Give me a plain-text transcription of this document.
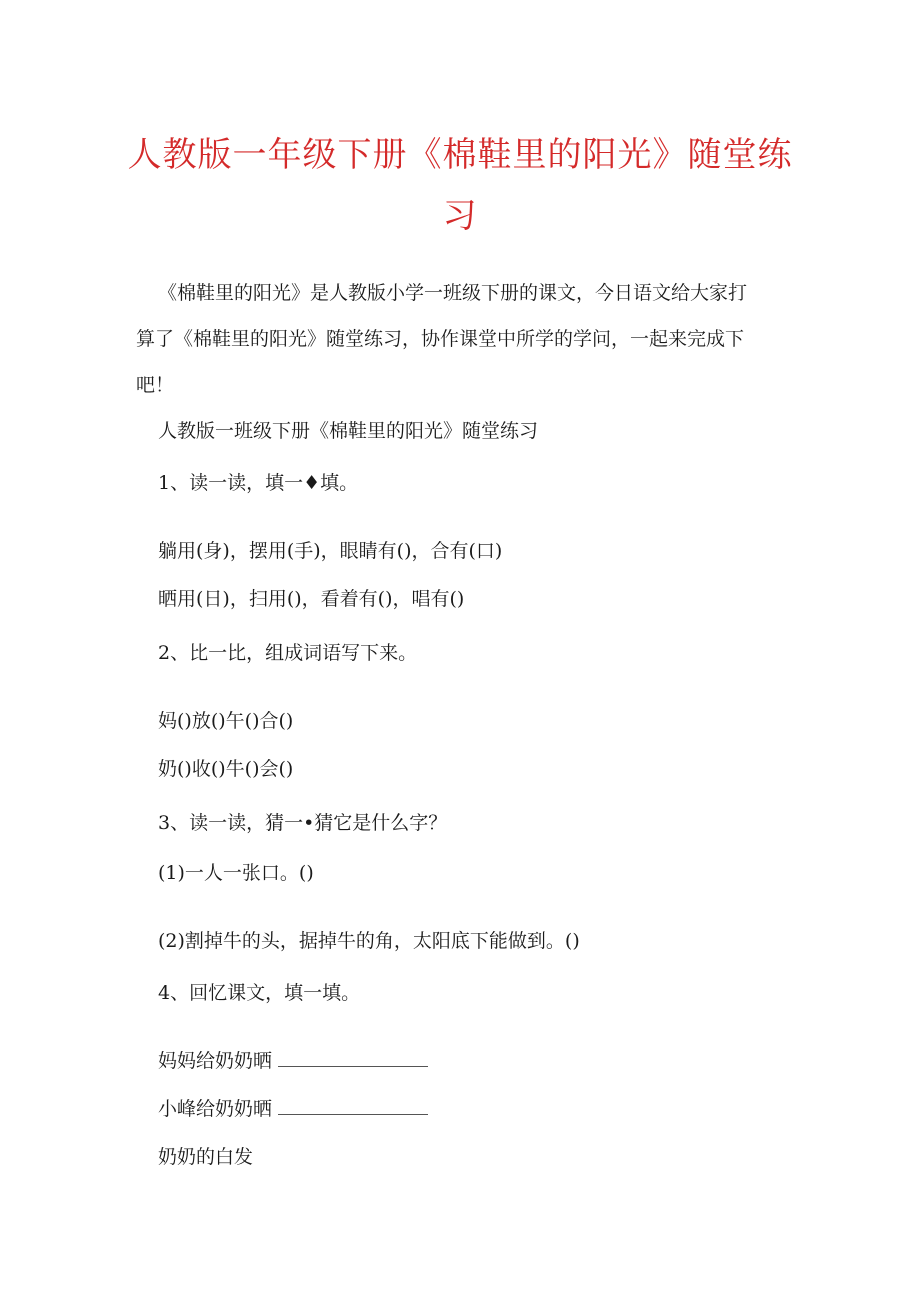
人教版一年级下册《棉鞋里的阳光》随堂练
习

《棉鞋里的阳光》是人教版小学一班级下册的课文，今日语文给大家打
算了《棉鞋里的阳光》随堂练习，协作课堂中所学的学问，一起来完成下
吧！

人教版一班级下册《棉鞋里的阳光》随堂练习

1、读一读，填一♦填。

躺用(身)，摆用(手)，眼睛有()，合有(口)

晒用(日)，扫用()，看着有()，唱有()

2、比一比，组成词语写下来。

妈()放()午()合()

奶()收()牛()会()

3、读一读，猜一•猜它是什么字？

(1)一人一张口。()

(2)割掉牛的头，据掉牛的角，太阳底下能做到。()

4、回忆课文，填一填。

妈妈给奶奶晒

小峰给奶奶晒

奶奶的白发
